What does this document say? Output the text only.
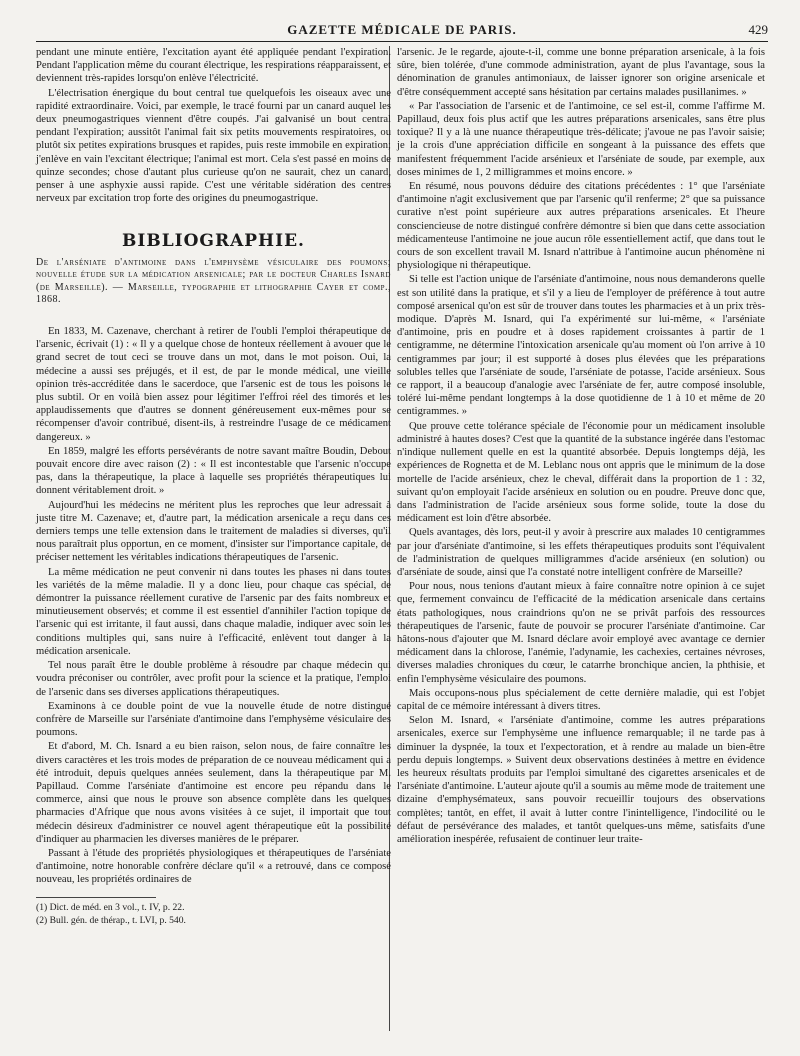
GAZETTE MÉDICALE DE PARIS.	429

pendant une minute entière, l'excitation ayant été appliquée pendant l'expiration. Pendant l'application même du courant électrique, les respirations réapparaissent, et deviennent très-rapides lorsqu'on enlève l'électricité.

L'électrisation énergique du bout central tue quelquefois les oiseaux avec une rapidité extraordinaire. Voici, par exemple, le tracé fourni par un canard auquel les deux pneumogastriques viennent d'être coupés. J'ai galvanisé un bout central pendant l'expiration; aussitôt l'animal fait six petits mouvements respiratoires, ou plutôt six petites expirations brusques et rapides, puis reste immobile en expiration; j'enlève en vain l'excitant électrique; l'animal est mort. Cela s'est passé en moins de quinze secondes; chose d'autant plus curieuse qu'on ne saurait, chez un canard, penser à une asphyxie aussi rapide. C'est une véritable sidération des centres nerveux par excitation trop forte des origines du pneumogastrique.

BIBLIOGRAPHIE.

De l'arséniate d'antimoine dans l'emphysème vésiculaire des poumons; nouvelle étude sur la médication arsenicale; par le docteur Charles Isnard (de Marseille). — Marseille, typographie et lithographie Cayer et comp., 1868.

En 1833, M. Cazenave, cherchant à retirer de l'oubli l'emploi thérapeutique de l'arsenic, écrivait (1) : « Il y a quelque chose de honteux réellement à avouer que le grand secret de tout ceci se trouve dans un mot, dans le mot poison. Oui, la médecine a aussi ses préjugés, et il est, de par le monde médical, une vieille opinion très-accréditée dans le sacerdoce, que l'arsenic est de tous les poisons le plus subtil. Or en voilà bien assez pour légitimer l'effroi réel des timorés et les applaudissements que d'autres se donnent généreusement eux-mêmes pour se récompenser d'avoir contribué, disent-ils, à restreindre l'usage de ce médicament dangereux. »

En 1859, malgré les efforts persévérants de notre savant maître Boudin, Debout pouvait encore dire avec raison (2) : « Il est incontestable que l'arsenic n'occupe pas, dans la thérapeutique, la place à laquelle ses propriétés thérapeutiques lui donnent véritablement droit. »

Aujourd'hui les médecins ne méritent plus les reproches que leur adressait à juste titre M. Cazenave; et, d'autre part, la médication arsenicale a reçu dans ces derniers temps une telle extension dans le traitement de maladies si diverses, qu'il nous paraîtrait plus opportun, en ce moment, d'insister sur l'importance capitale, de préciser nettement les véritables indications thérapeutiques de l'arsenic.

La même médication ne peut convenir ni dans toutes les phases ni dans toutes les variétés de la même maladie. Il y a donc lieu, pour chaque cas spécial, de démontrer la puissance réellement curative de l'arsenic par des faits nombreux et minutieusement observés; et comme il est essentiel d'annihiler l'action topique de l'arsenic qui est irritante, il faut aussi, dans chaque maladie, indiquer avec soin les conditions multiples qui, sans nuire à l'efficacité, enlèvent tout danger à la médication arsenicale.

Tel nous paraît être le double problème à résoudre par chaque médecin qui voudra préconiser ou contrôler, avec profit pour la science et la pratique, l'emploi de l'arsenic dans ses diverses applications thérapeutiques.

Examinons à ce double point de vue la nouvelle étude de notre distingué confrère de Marseille sur l'arséniate d'antimoine dans l'emphysème vésiculaire des poumons.

Et d'abord, M. Ch. Isnard a eu bien raison, selon nous, de faire connaître les divers caractères et les trois modes de préparation de ce nouveau médicament qui a été introduit, depuis quelques années seulement, dans la thérapeutique par M. Papillaud. Comme l'arséniate d'antimoine est encore peu répandu dans le commerce, ainsi que nous le prouve son absence complète dans les quelques pharmacies d'Afrique que nous avons visitées à ce sujet, il importait que tout médecin désireux d'administrer ce nouvel agent thérapeutique eût la possibilité d'indiquer au pharmacien les diverses manières de le préparer.

Passant à l'étude des propriétés physiologiques et thérapeutiques de l'arséniate d'antimoine, notre honorable confrère déclare qu'il « a retrouvé, dans ce composé nouveau, les propriétés ordinaires de

(1) Dict. de méd. en 3 vol., t. IV, p. 22.

(2) Bull. gén. de thérap., t. LVI, p. 540.

l'arsenic. Je le regarde, ajoute-t-il, comme une bonne préparation arsenicale, à la fois sûre, bien tolérée, d'une commode administration, ayant de plus l'avantage, sous la dénomination de granules antimoniaux, de laisser ignorer son origine arsenicale et d'être conséquemment accepté sans hésitation par certains malades pusillanimes. »

« Par l'association de l'arsenic et de l'antimoine, ce sel est-il, comme l'affirme M. Papillaud, deux fois plus actif que les autres préparations arsenicales, sans être plus toxique? Il y a là une nuance thérapeutique très-délicate; j'avoue ne pas l'avoir saisie; je la crois d'une appréciation difficile en songeant à la puissance des effets que manifestent fréquemment l'acide arsénieux et l'arséniate de soude, par exemple, aux doses minimes de 1, 2 milligrammes et moins encore. »

En résumé, nous pouvons déduire des citations précédentes : 1° que l'arséniate d'antimoine n'agit exclusivement que par l'arsenic qu'il renferme; 2° que sa puissance curative n'est point supérieure aux autres préparations arsenicales. Et l'heure consciencieuse de notre distingué confrère démontre si bien que dans cette association médicamenteuse l'antimoine ne joue aucun rôle essentiellement actif, que dans tout le cours de son excellent travail M. Isnard n'attribue à l'antimoine aucun phénomène ni physiologique ni thérapeutique.

Si telle est l'action unique de l'arséniate d'antimoine, nous nous demanderons quelle est son utilité dans la pratique, et s'il y a lieu de l'employer de préférence à tout autre composé arsenical qu'on est sûr de trouver dans toutes les pharmacies et à un prix très-modique. D'après M. Isnard, qui l'a expérimenté sur lui-même, « l'arséniate d'antimoine, pris en poudre et à doses rapidement croissantes à partir de 1 centigramme, ne détermine l'intoxication arsenicale qu'au moment où l'on arrive à 10 centigrammes par jour; il est supporté à doses plus élevées que les préparations solubles telles que l'arséniate de soude, l'arséniate de potasse, l'acide arsénieux. Sous ce rapport, il a beaucoup d'analogie avec l'arséniate de fer, autre composé insoluble, toléré lui-même pendant longtemps à la dose quotidienne de 1 à 10 et même de 20 centigrammes. »

Que prouve cette tolérance spéciale de l'économie pour un médicament insoluble administré à hautes doses? C'est que la quantité de la substance ingérée dans l'estomac n'indique nullement quelle en est la quantité absorbée. Depuis longtemps déjà, les expériences de Rognetta et de M. Leblanc nous ont appris que le minimum de la dose mortelle de l'acide arsénieux, chez le cheval, différait dans la proportion de 1 : 32, suivant qu'on employait l'acide arsénieux en solution ou en poudre. Preuve donc que, dans l'administration de l'acide arsénieux sous forme solide, toute la dose du médicament est loin d'être absorbée.

Quels avantages, dès lors, peut-il y avoir à prescrire aux malades 10 centigrammes par jour d'arséniate d'antimoine, si les effets thérapeutiques produits sont l'équivalent de l'administration de quelques milligrammes d'acide arsénieux (en solution) ou d'arséniate de soude, ainsi que l'a constaté notre intelligent confrère de Marseille?

Pour nous, nous tenions d'autant mieux à faire connaître notre opinion à ce sujet que, fermement convaincu de l'efficacité de la médication arsenicale dans certains états pathologiques, nous craindrions qu'on ne se privât parfois des ressources thérapeutiques de l'arsenic, faute de pouvoir se procurer l'arséniate d'antimoine. Car hâtons-nous d'ajouter que M. Isnard déclare avoir employé avec avantage ce dernier médicament dans la chlorose, l'anémie, l'adynamie, les cachexies, certaines névroses, diverses maladies chroniques du cœur, le catarrhe bronchique ancien, la phthisie, et enfin l'emphysème vésiculaire des poumons.

Mais occupons-nous plus spécialement de cette dernière maladie, qui est l'objet capital de ce mémoire intéressant à divers titres.

Selon M. Isnard, « l'arséniate d'antimoine, comme les autres préparations arsenicales, exerce sur l'emphysème une influence remarquable; il ne tarde pas à diminuer la dyspnée, la toux et l'expectoration, et à rendre au malade un bien-être perdu depuis longtemps. » Suivent deux observations destinées à mettre en évidence les heureux résultats produits par l'emploi simultané des cigarettes arsenicales et de l'arséniate d'antimoine. L'auteur ajoute qu'il a soumis au même mode de traitement une dizaine d'emphysémateux, sans pouvoir recueillir toujours des observations complètes; tantôt, en effet, il avait à lutter contre l'inintelligence, l'indocilité ou le défaut de persévérance des malades, et tantôt quelques-uns même, satisfaits d'une amélioration inespérée, refusaient de continuer leur traite-
